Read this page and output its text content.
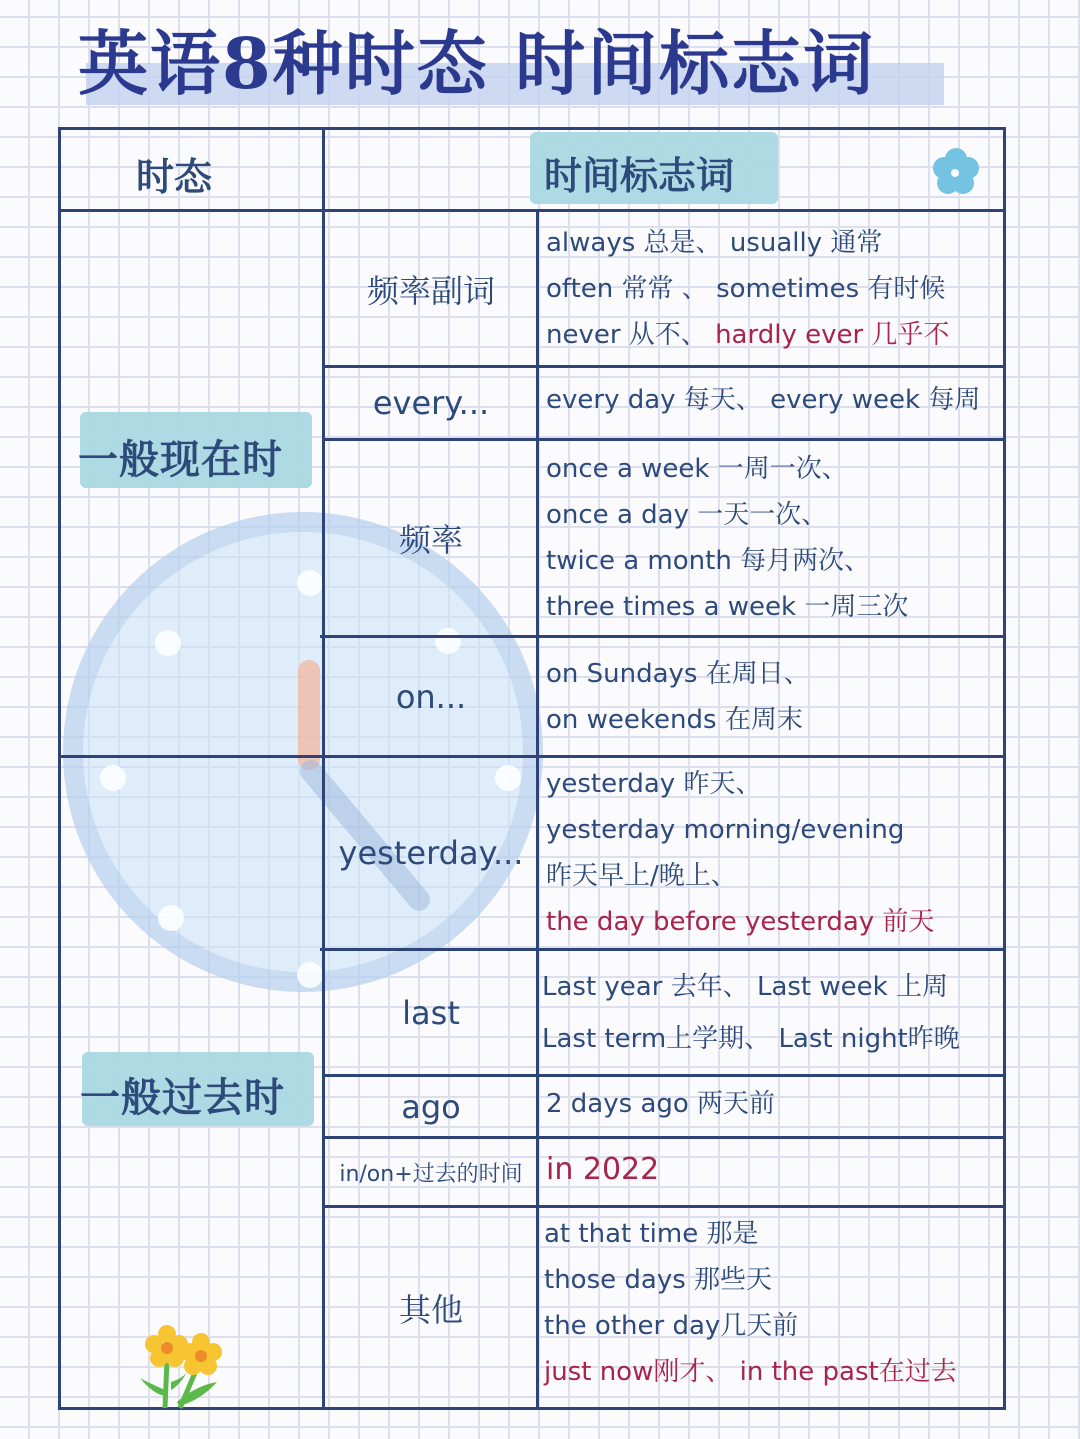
英语8种时态 时间标志词
时态	时间标志词
一般现在时
一般过去时
频率副词
every...
频率
on...
yesterday...
last
ago
in/on+过去的时间
其他
always 总是、 usually 通常
often 常常 、 sometimes 有时候
never 从不、 hardly ever 几乎不
every day 每天、 every week 每周
once a week 一周一次、
once a day 一天一次、
twice a month 每月两次、
three times a week 一周三次
on Sundays 在周日、
on weekends 在周末
yesterday 昨天、
yesterday morning/evening
昨天早上/晚上、
the day before yesterday 前天
Last year 去年、 Last week 上周
Last term上学期、 Last night昨晚
2 days ago 两天前
in 2022
at that time 那是
those days 那些天
the other day几天前
just now刚才、 in the past在过去
